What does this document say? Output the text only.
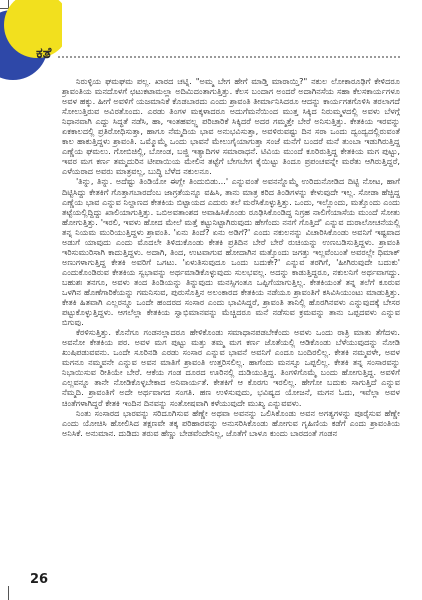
ಕತೆ

ನಿರುಳ್ಳಿಯ ಘಮಘಮ ಪಲ್ಲ. ಖಾರದ ಚಟ್ನಿ. "ಅಮ್ಮ ಬೇಗ ಹೇಗೆ ಮಾಡ್ತಿ ಮಾರಾಯ್ತಿ?" ನಕುಲ ಲೋಕಾರೂಢಿಗೆ ಕೇಳಿದರೂ ಶ್ರಾವಂತಿಯ ಮನದೊಳಗೆ ಛಟುಕಟಾಮಲ್ಲಾ ಅದಿಮಿದಂತಾಗುತ್ತಿತ್ತು. ಕೆಲಸ ಬಂದಾಗ ಅಂದರೆ ಅದಾಗಿನಸೆಯ ಸಹಾ ಕೆಲಸಕಾರ್ಯಗಳೂ ಅವಳ ಹಕ್ಕು. ಹೀಗೆ ಅವಳಿಗೆ ಯಜಮಾನಿಕೆ ಕೊಡಬಾರದು ಎಂದು ಶ್ರಾವಂತಿ ತೀರ್ಮಾನಿಸಿದರೂ ಆದನ್ನು ಕಾರ್ಯಗತಗೊಳಿಸಿ ತರಲಾಗದೆ ಸೋಲುತ್ತಿರುವ ಅವಿರತೊಂದು. ಎರಡು ತಿಂಗಳ ಮಕ್ಕಳಾದರೂ ಅದುಗೆಮನೆಯಿಂದ ಮುತ್ತ ಸಿಕ್ಕಿದ ನಿರುಮ್ಮಳದಲ್ಲಿ ಅವಳು ಬೆಳಗ್ಗೆ ನಿಧಾನವಾಗಿ ಎದ್ದು ಸಿದ್ಧತೆ ನಡೆಸಿ, ಹಾ, ಇಂತಹವಲ್ಲ್ಲ ಪರಿಚಾರಿಕೆ ಸಿಕ್ಕಿದರೆ ಅದರ ಗಮ್ಮತ್ತೇ ಬೇರೆ ಅನಿಸುತ್ತಿತ್ತು. ಕೇತಕಿಯ ಇರವನ್ನು ಏಕಕಾಲದಲ್ಲಿ ಪ್ರತಿರೋಧಿಸುತ್ತಾ, ಹಾಗೂ ನೆಮ್ಮದಿಯ ಭಾವ ಅನುಭವಿಸುತ್ತಾ, ಅವಳಿರುವಷ್ಟು ದಿನ ಸರಾ ಒಂದು ದ್ವಂದ್ವದಲ್ಲಿರುವಂತೆ ಕಾಲ ಹಾಕುತ್ತಿದ್ದಳು ಶ್ರಾವಂತಿ. ಒಮ್ಮೊಮ್ಮೆ ಒಂದು ಭಾವನೆ ಮೇಲುಗೈಯಾಗುತ್ತಾ ಸಂಜೆ ಮನೆಗೆ ಬಂದರೆ ಮನೆ ತುಂಬಾ ಇಡುಗಿರುತ್ತಿದ್ದ ಎಣ್ಣೆಯ ಘಮಲು. ಗೋಬಿಚಿಲ್ಲಿ, ಬೋಂಡ, ಬಜ್ಜಿ ಇತ್ಯಾದಿಗಳ ಸಮಾರಾಧನೆ. ಟಿವಿಯ ಮುಂದೆ ಕೂರಿರುತ್ತಿದ್ದ ಕೇತಕಿಯ ಮಗ ಪುಟ್ಟು, ಇವರ ಮಗ ಕರ್ಣ ತಮ್ಮದುರಿನ ಟೀಪಾಯಿಯ ಮೇಲಿನ ತಟ್ಟೆಗೆ ಬೇಗಬೇಗ ಕೈಯಿಟ್ಟು ತಿಂದೂ ಪ್ರಪಂಚವನ್ನೇ ಮರೆತು ಆಗಿರುತ್ತಿದ್ದರೆ, ಎಳೆಯರಾದ ಅವರು ಮಾತ್ರವಲ್ಲ, ಬುದ್ಧಿ ಬೆಳೆದ ನಕುಲನೂ.

'ತಿನ್ನು, ತಿನ್ನು. ಅದೆಷ್ಟು ತಿಂಡಿಯೋ ಈಗ್ಲೇ ತಿಂದುಬಿಡು...' ಎನ್ನುವಂತೆ ಅವನನ್ನೊಮ್ಮೆ ಉರಿದುನೋಡಿದ ದಿಟ್ಟಿ ನೋಟ, ಹಾಗೆ ದಿಟ್ಟಿಸಿದ್ದು ಕೇತಕಿಗೆ ಗೊತ್ತಾಗಬಾರದೆಂಬ ಜಾಗ್ರತೆಯನ್ನೂ ವಹಿಸಿ, ತಾನು ಮಾತ್ರ ಕರಿದ ತಿಂಡಿಗಳನ್ನು ಕೇಳುವುದೇ ಇಲ್ಲ. ಸೋಡಾ ಹೆಚ್ಚಿದ್ದ ಎಣ್ಣೆಯ ಭಾವ ಎನ್ನುವ ನಿಲ್ದಾಣದ ಕೇತಕಿಯ ಬಿಟ್ಟಾಯದ ಎದುರು ತಲೆ ಮರೆಸಿಕೊಳ್ಳುತ್ತಿತ್ತು. ಒಂದು, ಇಲ್ಲೊಂದು, ಮತ್ತೊಂದು ಎಂದು ತಟ್ಟೆಯಲ್ಲಿದ್ದಿದ್ದು ಖಾಲಿಯಾಗುತ್ತಿತ್ತು. ಒಬಿಅವತಾಂಶದ ಅವಾಹಿಸಿಕೊಂಡು ರೂಢಿಸಿಕೊಂಡಿದ್ದ ನಿಗ್ರಹ ನಾಲಿಗೆಯಾಸೆಯ ಮುಂದೆ ಸೋತು ಹೋಗುತ್ತಿತ್ತು. 'ಇರಲಿ, ಇವಳು ಹೋದ ಮೇಲೆ ಮತ್ತೆ ಕಟ್ಟುನಿಟ್ಟಾಗಿರುವುದು ಹೇಗೆಂದು ನನಗೆ ಗೊತ್ತಿದೆ' ಎನ್ನುವ ದುರಾಲೋಚನೆಯಲ್ಲಿ ತನ್ನ ನಿಯಮ ಮುರಿಯುತ್ತಿದ್ದಳು ಶ್ರಾವಂತಿ. 'ಏನು ತಿಂದೆ? ಏನು ಅಡಿಗೆ?' ಎಂದು ನಕುಲನನ್ನು ವಿಚಾರಿಸಿಕೊಂಡು ಅವನಿಗೆ ಇಷ್ಟವಾದ ಅಡುಗೆ ಯಾವುದು ಎಂದು ಮೊದಲೇ ತಿಳಿದುಕೊಂಡು ಕೇತಕಿ ಪ್ರತಿದಿನ ಬೇರೆ ಬೇರೆ ರುಚಿಯನ್ನು ಉಣಬಡಿಸುತ್ತಿದ್ದಳು. ಶ್ರಾವಂತಿ ಇರಿಸುಮುರಿಸಾಗಿ ಕಾದುತ್ತಿದ್ದಳು. ಅದಾಗಿ, ತಿಂದ, ಉಟವಾಗುವ ಹೋದಾಗಿನ ಮತ್ತೊಂದು ಜಗತ್ತು ಇಲ್ಲವೆಂಬಂತೆ ಅವರಲ್ಲೇ ಧಿಮಾಕ್ ಅಣುಗಳಾಗುತ್ತಿದ್ದ ಕೇತಕಿ ಅವರಿಗೆ ಒಗಟು. 'ಏಳುತಿಸುವುದೂ ಒಂದು ಬದುಕೇ?' ಎನ್ನುವ ತರಗಿಗೆ, 'ಹೀಗಿರುವುದೇ ಬದುಕು' ಎಂದುಕೊಂಡಿರುವ ಕೇತಕಿಯ ಸ್ವಭಾವನ್ನು ಅರ್ಥಮಾಡಿಕೊಳ್ಳುವುದು ಸುಲಭವಲ್ಲ. ಅದನ್ನು ಕಾಡುತ್ತಿದ್ದರೂ, ನಕುಲನಿಗೆ ಅರ್ಥವಾಗದ್ದು. ಬಹುಶಃ ತನಗೂ, ಅವಳು ತಂದ ತಿಂಡಿಯನ್ನು ತಿನ್ನುವುದು ಮನಸ್ಸಿಗಂತೂ ಒಪ್ಪಿಗೆಯಾಗುತ್ತಿಲ್ಲ. ಕೇತಕಿಯಂತೆ ತನ್ನ ತಲೆಗೆ ಕೂರುವ ಒಳಗಿನ ಹೊಣೆಗಾರಿಕೆಯನ್ನು ಗಮನಿಸುವ, ಪುರುಸೊತ್ತಿನ ಅಲಂಕಾರದ ಕೇತಕಿಯ ನಡೆಯೂ ಶ್ರಾವಂತಿಗೆ ಕಸಿವಿಸಿಯುಂಟು ಮಾಡುತ್ತಿತ್ತು. ಕೇತಕಿ ಹಿತವಾಗಿ ಎಲ್ಲರನ್ನೂ ಒಂದೇ ಹಂದರದ ಸಂಸಾರ ಎಂದು ಭಾವಿಸಿದ್ದರೆ, ಶ್ರಾವಂತಿ ತಾನಿಲ್ಲಿ ಹೊರಗಿನವಳು ಎನ್ನುವುದಕ್ಕೆ ಬೇಸರ ಪಟ್ಟುಕೊಳ್ಳುತ್ತಿದ್ದಳು. ಆಗಲೆಲ್ಲಾ ಕೇತಕಿಯ ಸ್ವಾಭಿಮಾನವನ್ನು ಮೆಚ್ಚಿದರೂ ಮನೆ ನಡೆಸುವ ಕ್ರಮವನ್ನು ತಾನು ಒಪ್ಪದವಳು ಎನ್ನುವ ಬಿಗುವು.

ಕೆರಳಿಸುತ್ತಿತ್ತು. ಕೊನೆಗೂ ಗಂಡನಲ್ಲಾದರೂ ಹೇಳಿಕೊಂಡು ಸಮಾಧಾನಪಡಬೇಕೆಂದು ಅವಳು ಒಂದು ರಾತ್ರಿ ಮಾತು ತೆಗೆದಳು. ಅವನೋ ಕೇತಕಿಯ ಪರ. ಅವಳ ಮಗ ಪುಟ್ಟು ಮತ್ತು ತಮ್ಮ ಮಗ ಕರ್ಣ ಜೊತೆಯಲ್ಲಿ ಆಡಿಕೊಂಡು ಬೆಳೆಯುವುದನ್ನು ನೋಡಿ ಖುಷಿಪಡುವವನು. ಒಂದೇ ಸೂರಿನಡಿ ಎರಡು ಸಂಸಾರ ಎನ್ನುವ ಭಾವನೆ ಅವನಿಗೆ ಎಂದೂ ಬಂದಿರಲಿಲ್ಲ. ಕೇತಕಿ ನಮ್ಮವಳೇ, ಅವಳ ಮಗನೂ ನಮ್ಮವನೇ ಎನ್ನುವ ಅವನ ಮಾತಿಗೆ ಶ್ರಾವಂತಿ ಉತ್ತರಿಸಲಿಲ್ಲ. ಹಾಗೆಂದು ಮನಸ್ಸೂ ಒಪ್ಪಲಿಲ್ಲ. ಕೇತಕಿ ತನ್ನ ಸಂಸಾರವನ್ನು ನಿಭಾಯಿಸುವ ರೀತಿಯೇ ಬೇರೆ. ಆಕೆಯ ಗಂಡ ದೂರದ ಊರಿನಲ್ಲಿ ದುಡಿಯುತ್ತಿದ್ದ. ತಿಂಗಳಿಗೊಮ್ಮೆ ಬಂದು ಹೋಗುತ್ತಿದ್ದ. ಅವಳಿಗೆ ಎಲ್ಲವನ್ನೂ ತಾನೇ ನೋಡಿಕೊಳ್ಳಬೇಕಾದ ಅನಿವಾರ್ಯತೆ. ಕೇತಕಿಗೆ ಆ ಕೊರಗು ಇರಲಿಲ್ಲ. ಹೇಗೋ ಬದುಕು ಸಾಗುತ್ತಿದೆ ಎನ್ನುವ ನೆಮ್ಮದಿ. ಶ್ರಾವಂತಿಗೆ ಅದೇ ಅರ್ಥವಾಗದ ಸಂಗತಿ. ಹಣ ಉಳಿಸುವುದು, ಭವಿಷ್ಯದ ಯೋಜನೆ, ಮಗನ ಓದು, ಇವೆಲ್ಲಾ ಅವಳ ಚಿಂತೆಗಳಾಗಿದ್ದರೆ ಕೇತಕಿ ಇಂದಿನ ದಿನವನ್ನು ಸಂತೋಷವಾಗಿ ಕಳೆಯುವುದೇ ಮುಖ್ಯ ಎನ್ನುವವಳು.

ನಿಂತು ಸಂಸಾರದ ಭಾರವನ್ನು ಸರಿದೂಗಿಸುವ ಹೆಣ್ಣೇ ಅಥವಾ ಅವನನ್ನು ಒಲಿಸಿಕೊಂಡು ಅವನ ಅಗತ್ಯಗಳನ್ನು ಪೂರೈಸುವ ಹೆಣ್ಣೇ ಎಂದು ಯೋಚಿಸಿ ಹೋಲಿಸಿದ ತಕ್ಷಣವೇ ತಕ್ಕ ಪರಿಹಾರವನ್ನು ಅನುಸರಿಸಿಕೊಂಡು ಹೋಗುವ ಗೃಹಿಣಿಯ ಕಡೆಗೆ ಎಂದು ಶ್ರಾವಂತಿಯ ಅನಿಸಿಕೆ. ಅನುಮಾನ. ದುಡಿದು ತರುವ ಹೆಣ್ಣು ಬೇಡವೆಂದೇನಿಲ್ಲ, ಜೊತೆಗೆ ಬಾಳೂ ಕುಂದು ಬಾರದಂತೆ ಗಂಡನ

26
